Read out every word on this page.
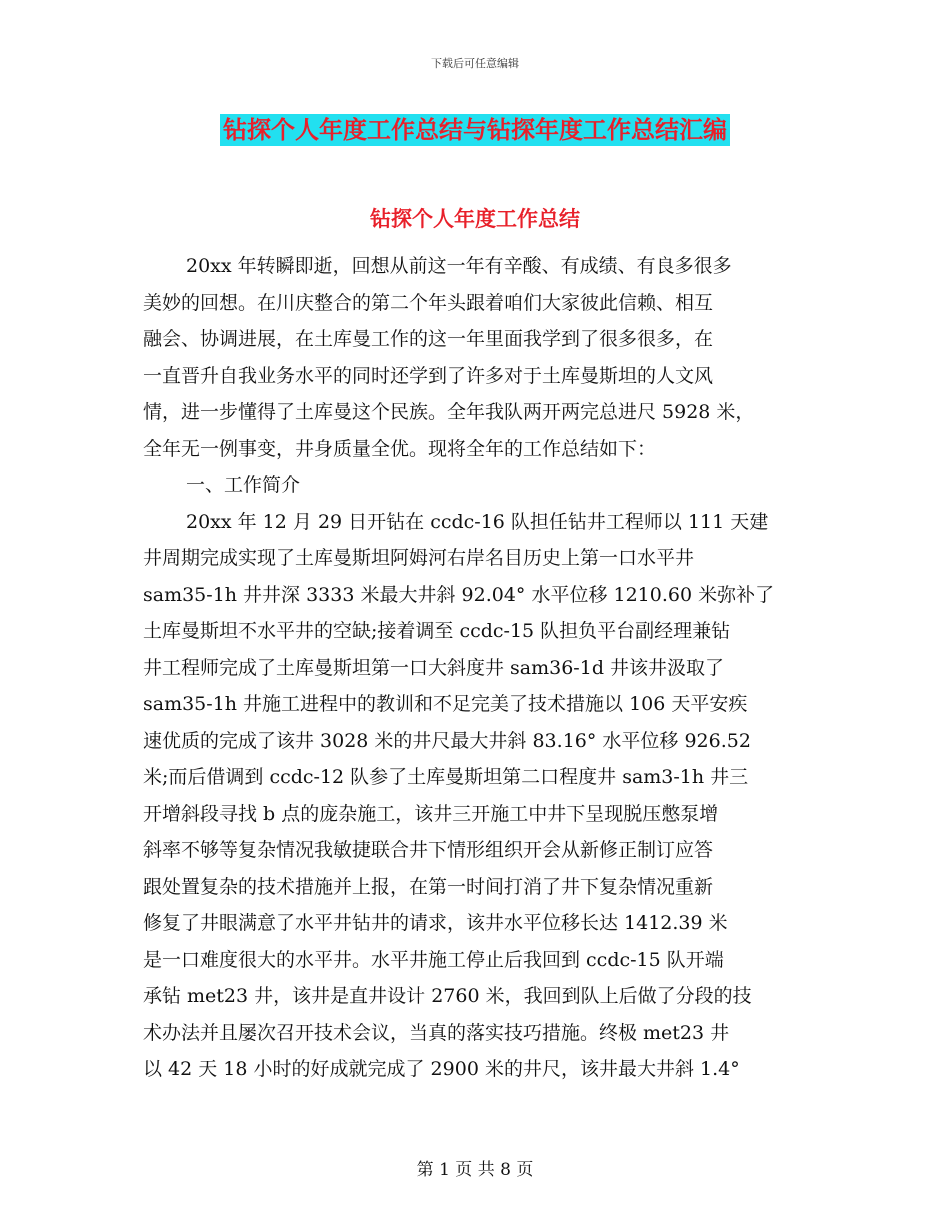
下载后可任意编辑
钻探个人年度工作总结与钻探年度工作总结汇编
钻探个人年度工作总结
20xx 年转瞬即逝，回想从前这一年有辛酸、有成绩、有良多很多
美妙的回想。在川庆整合的第二个年头跟着咱们大家彼此信赖、相互
融会、协调进展，在土库曼工作的这一年里面我学到了很多很多，在
一直晋升自我业务水平的同时还学到了许多对于土库曼斯坦的人文风
情，进一步懂得了土库曼这个民族。全年我队两开两完总进尺 5928 米，
全年无一例事变，井身质量全优。现将全年的工作总结如下：
一、工作简介
20xx 年 12 月 29 日开钻在 ccdc-16 队担任钻井工程师以 111 天建
井周期完成实现了土库曼斯坦阿姆河右岸名目历史上第一口水平井
sam35-1h 井井深 3333 米最大井斜 92.04° 水平位移 1210.60 米弥补了
土库曼斯坦不水平井的空缺;接着调至 ccdc-15 队担负平台副经理兼钻
井工程师完成了土库曼斯坦第一口大斜度井 sam36-1d 井该井汲取了
sam35-1h 井施工进程中的教训和不足完美了技术措施以 106 天平安疾
速优质的完成了该井 3028 米的井尺最大井斜 83.16° 水平位移 926.52
米;而后借调到 ccdc-12 队参了土库曼斯坦第二口程度井 sam3-1h 井三
开增斜段寻找 b 点的庞杂施工，该井三开施工中井下呈现脱压憋泵增
斜率不够等复杂情况我敏捷联合井下情形组织开会从新修正制订应答
跟处置复杂的技术措施并上报，在第一时间打消了井下复杂情况重新
修复了井眼满意了水平井钻井的请求，该井水平位移长达 1412.39 米
是一口难度很大的水平井。水平井施工停止后我回到 ccdc-15 队开端
承钻 met23 井，该井是直井设计 2760 米，我回到队上后做了分段的技
术办法并且屡次召开技术会议，当真的落实技巧措施。终极 met23 井
以 42 天 18 小时的好成就完成了 2900 米的井尺，该井最大井斜 1.4°
第 1 页 共 8 页
